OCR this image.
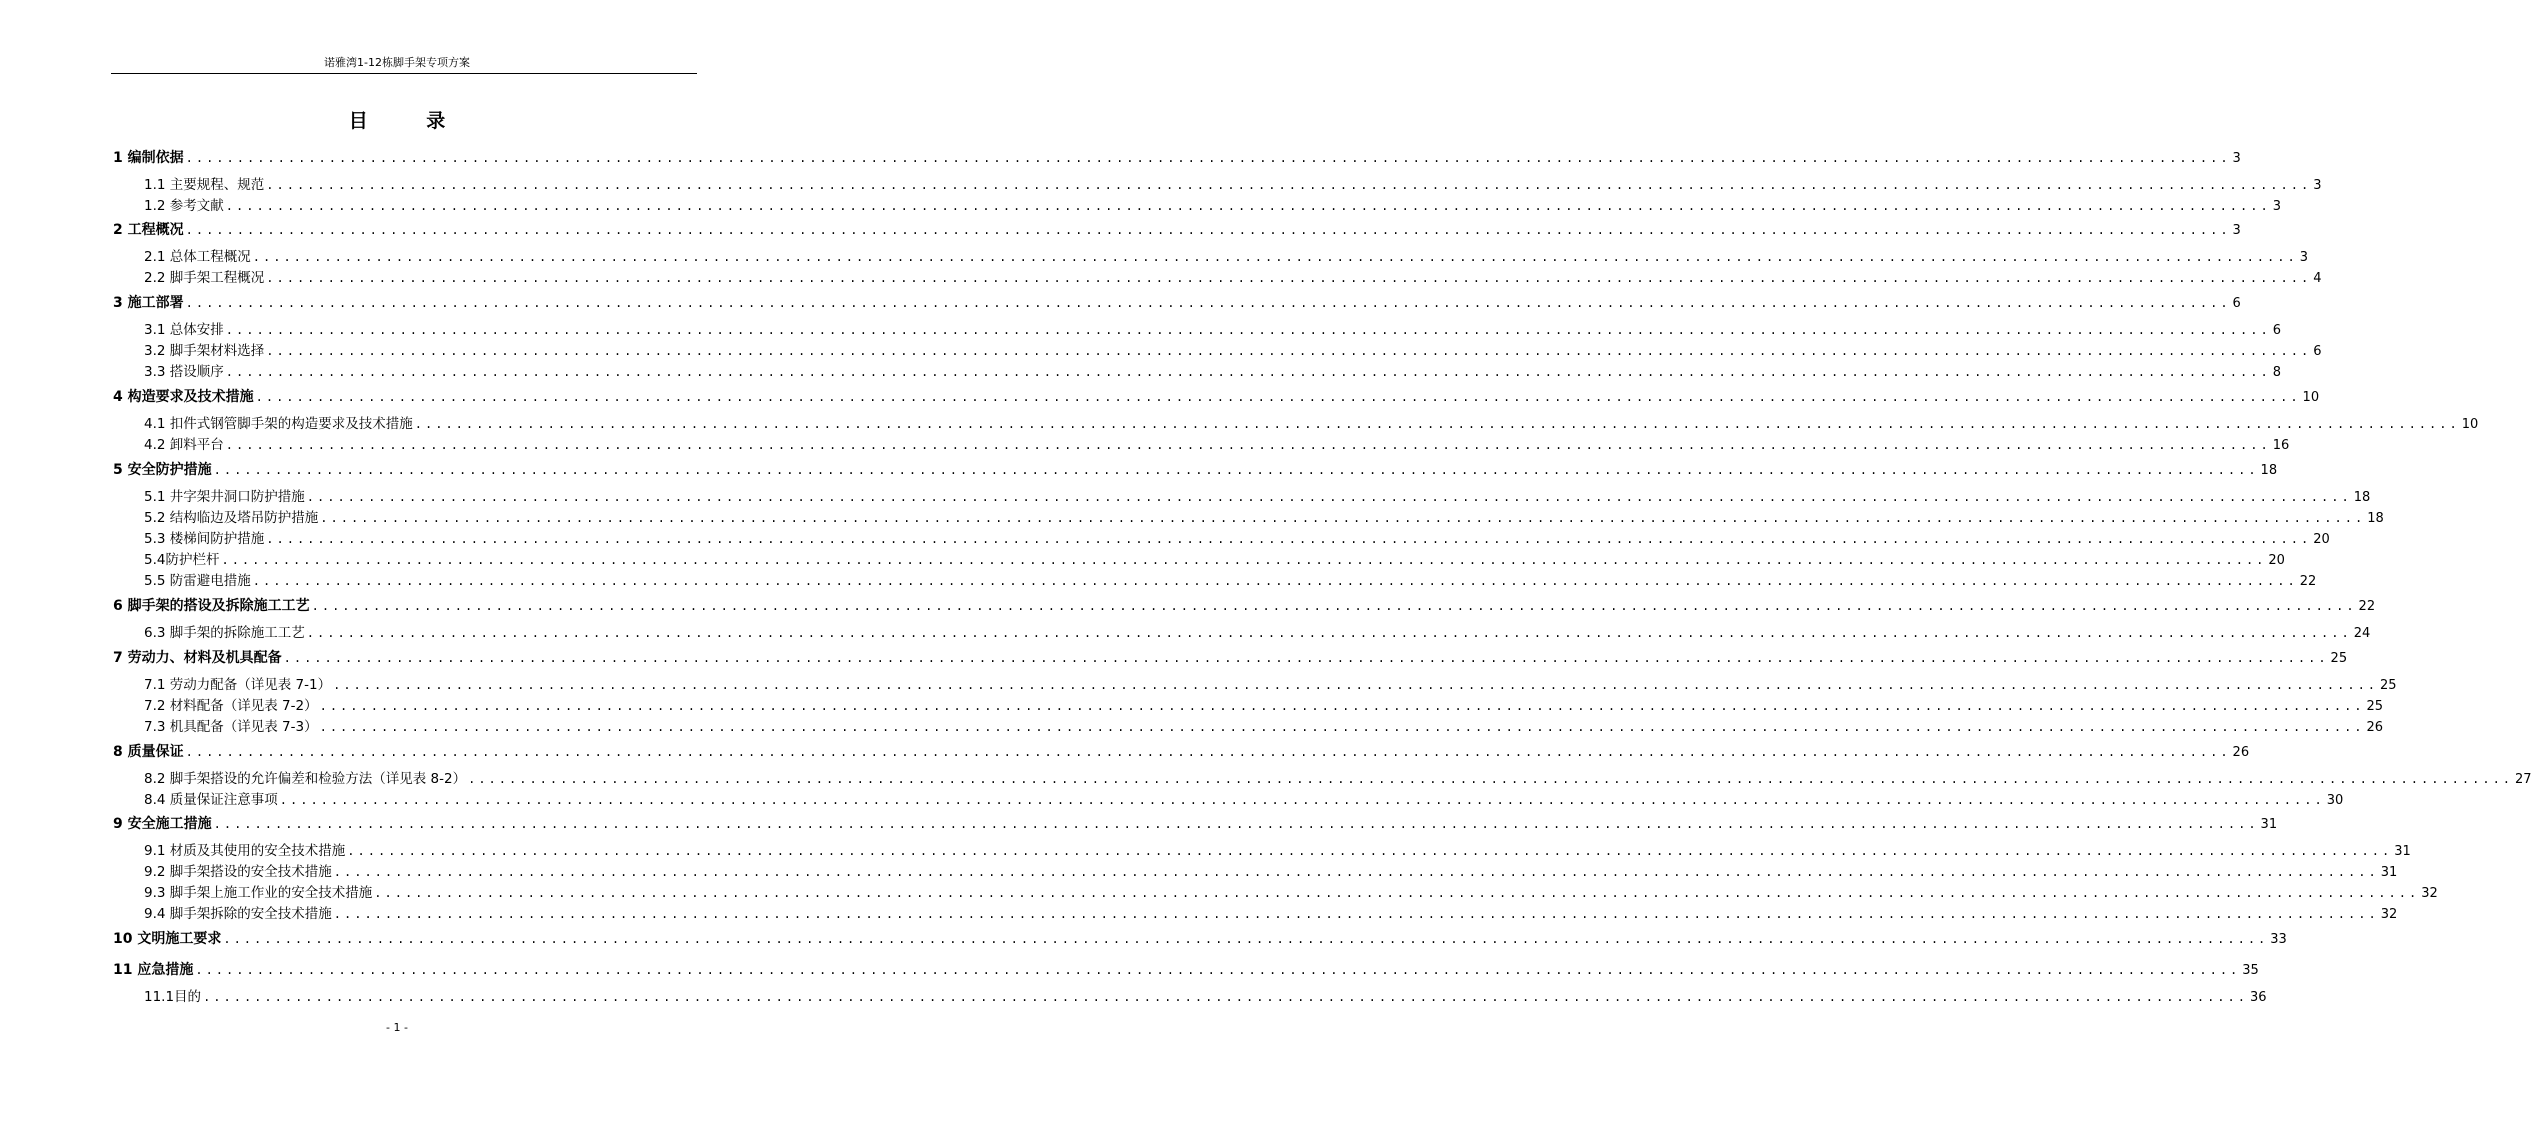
诺雅湾1-12栋脚手架专项方案
目 录
1 编制依据 ........................................................................................................................................................................................................ 3
1.1 主要规程、规范 ........................................................................................................................................................................................................ 3
1.2 参考文献 ........................................................................................................................................................................................................ 3
2 工程概况 ........................................................................................................................................................................................................ 3
2.1 总体工程概况 ........................................................................................................................................................................................................ 3
2.2 脚手架工程概况 ........................................................................................................................................................................................................ 4
3 施工部署 ........................................................................................................................................................................................................ 6
3.1 总体安排 ........................................................................................................................................................................................................ 6
3.2 脚手架材料选择 ........................................................................................................................................................................................................ 6
3.3 搭设顺序 ........................................................................................................................................................................................................ 8
4 构造要求及技术措施 ........................................................................................................................................................................................................ 10
4.1 扣件式钢管脚手架的构造要求及技术措施 ........................................................................................................................................................................................................ 10
4.2 卸料平台 ........................................................................................................................................................................................................ 16
5 安全防护措施 ........................................................................................................................................................................................................ 18
5.1 井字架井洞口防护措施 ........................................................................................................................................................................................................ 18
5.2 结构临边及塔吊防护措施 ........................................................................................................................................................................................................ 18
5.3 楼梯间防护措施 ........................................................................................................................................................................................................ 20
5.4防护栏杆 ........................................................................................................................................................................................................ 20
5.5 防雷避电措施 ........................................................................................................................................................................................................ 22
6 脚手架的搭设及拆除施工工艺 ........................................................................................................................................................................................................ 22
6.3 脚手架的拆除施工工艺 ........................................................................................................................................................................................................ 24
7 劳动力、材料及机具配备 ........................................................................................................................................................................................................ 25
7.1 劳动力配备（详见表 7-1） ........................................................................................................................................................................................................ 25
7.2 材料配备（详见表 7-2） ........................................................................................................................................................................................................ 25
7.3 机具配备（详见表 7-3） ........................................................................................................................................................................................................ 26
8 质量保证 ........................................................................................................................................................................................................ 26
8.2 脚手架搭设的允许偏差和检验方法（详见表 8-2） ........................................................................................................................................................................................................ 27
8.4 质量保证注意事项 ........................................................................................................................................................................................................ 30
9 安全施工措施 ........................................................................................................................................................................................................ 31
9.1 材质及其使用的安全技术措施 ........................................................................................................................................................................................................ 31
9.2 脚手架搭设的安全技术措施 ........................................................................................................................................................................................................ 31
9.3 脚手架上施工作业的安全技术措施 ........................................................................................................................................................................................................ 32
9.4 脚手架拆除的安全技术措施 ........................................................................................................................................................................................................ 32
10 文明施工要求 ........................................................................................................................................................................................................ 33
11 应急措施 ........................................................................................................................................................................................................ 35
11.1目的 ........................................................................................................................................................................................................ 36
- 1 -
